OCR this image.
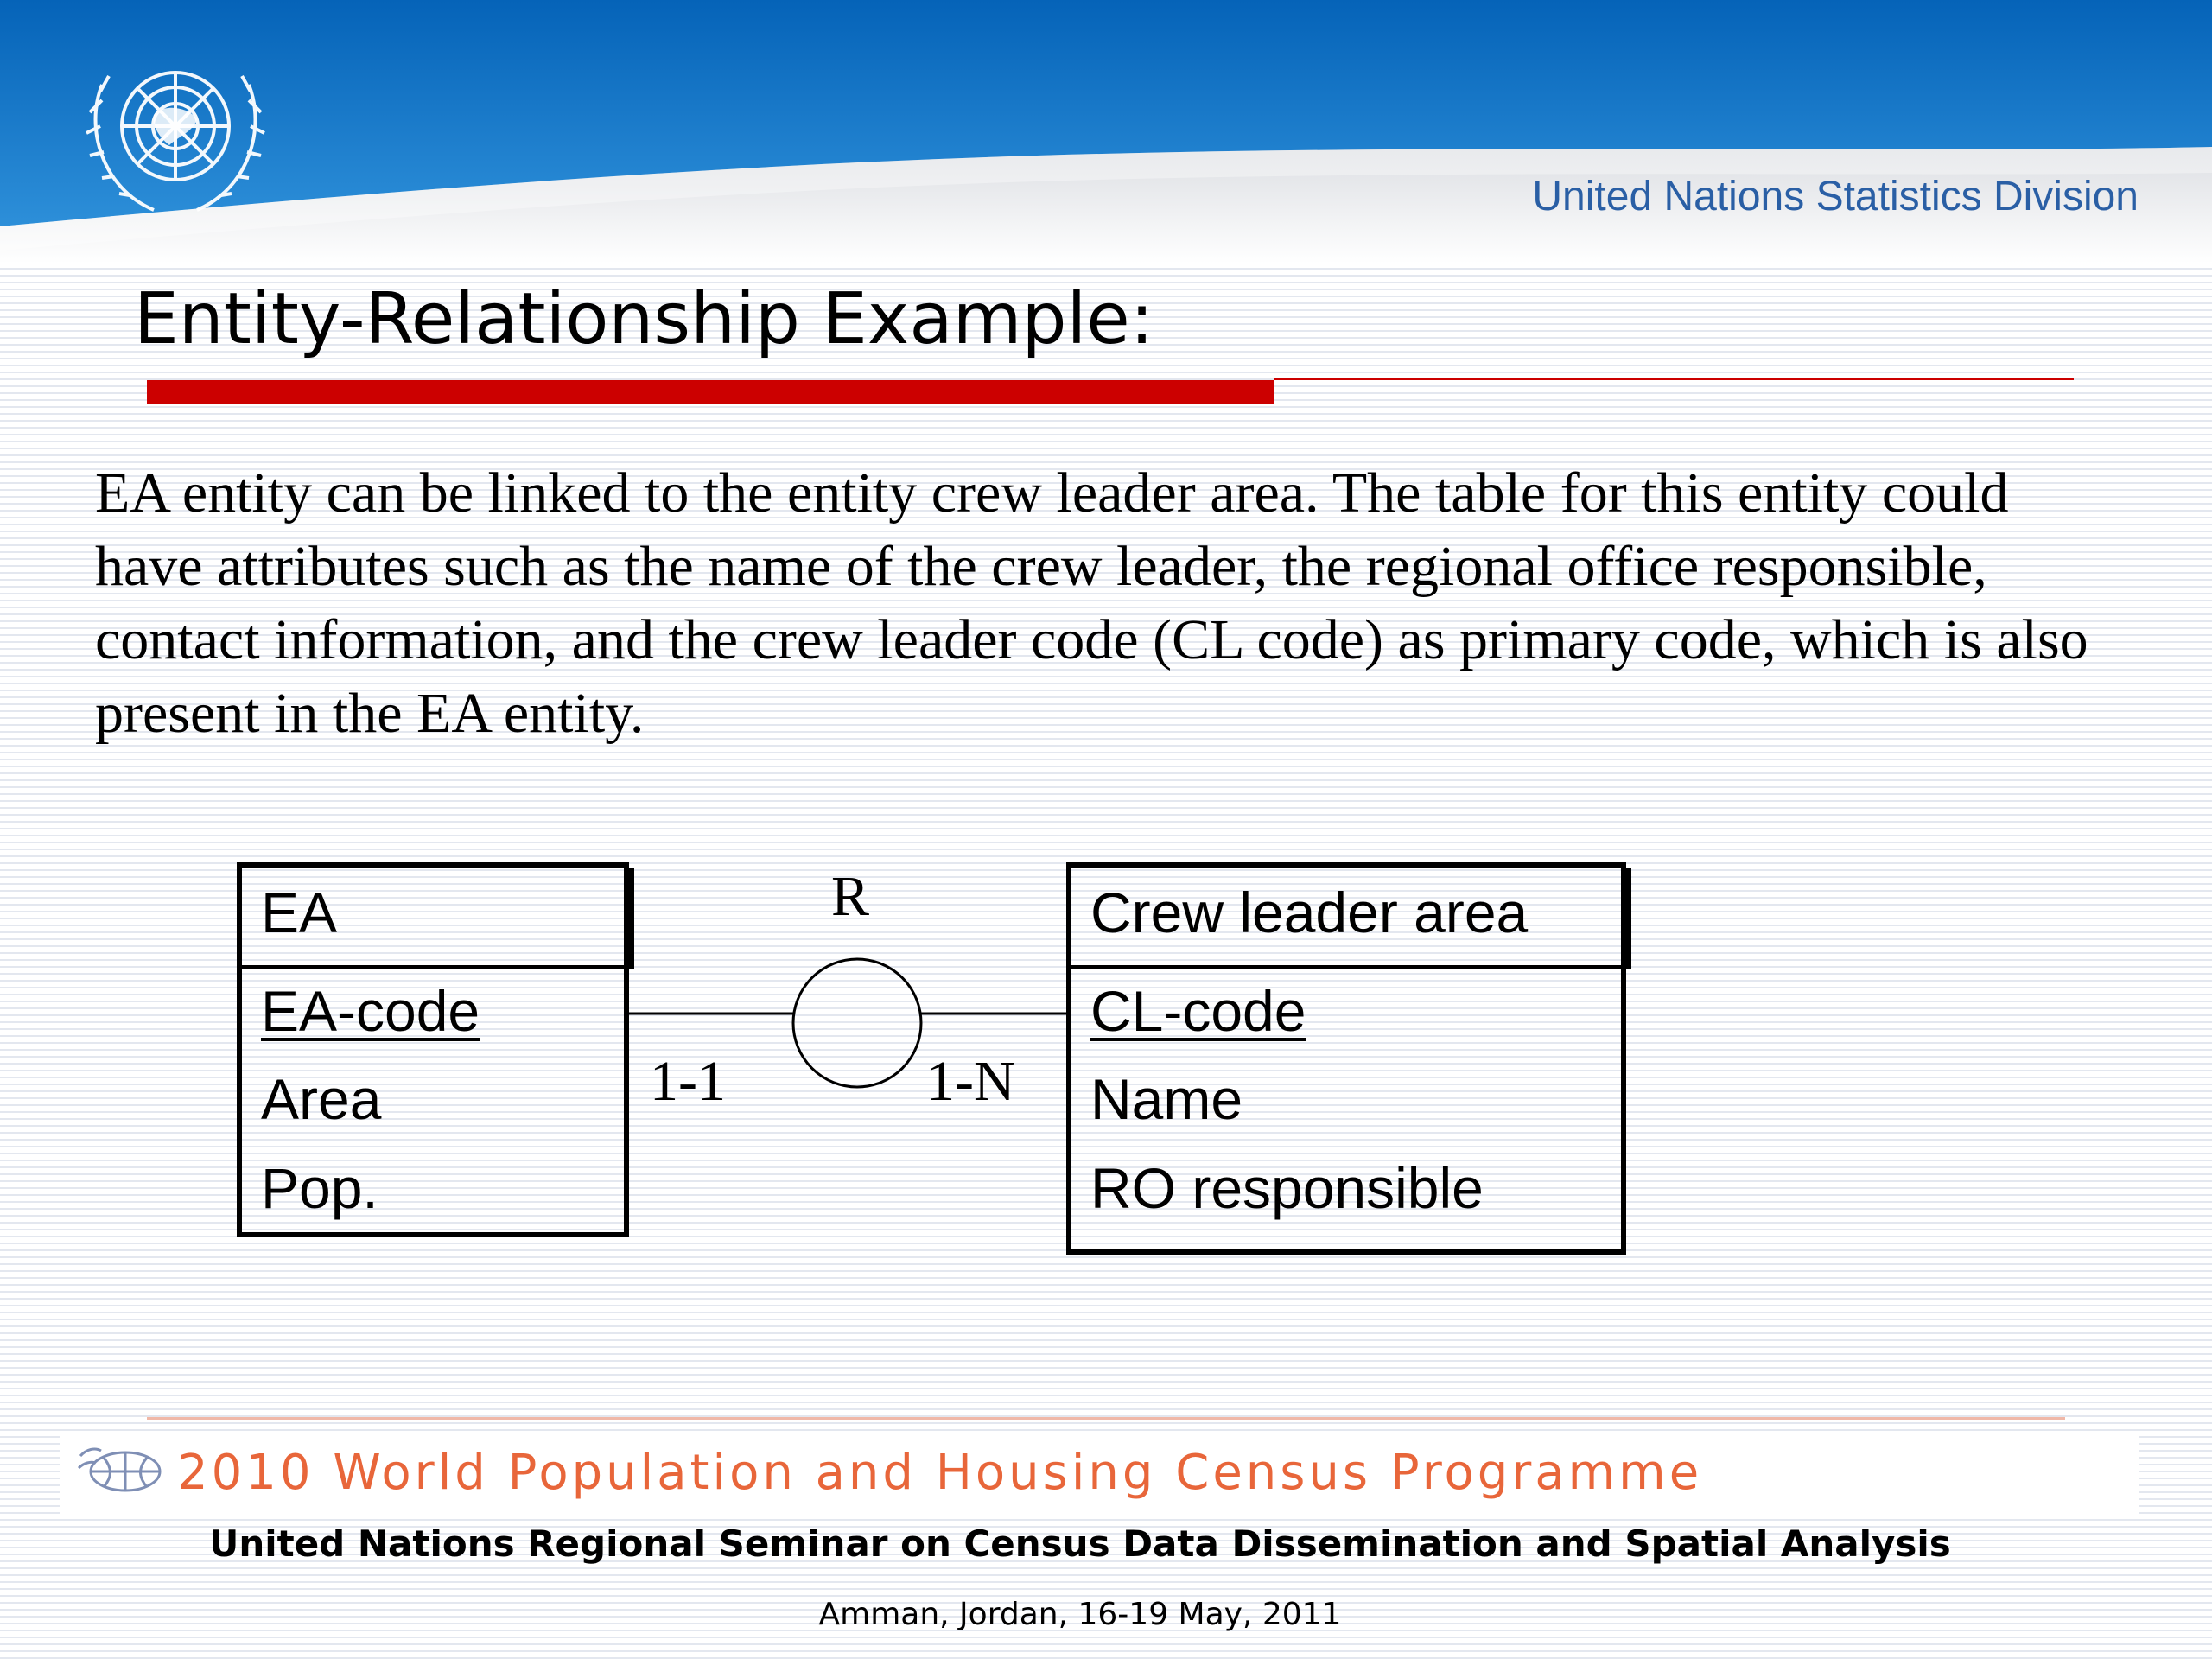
United Nations Statistics Division
Entity-Relationship Example:

EA entity can be linked to the entity crew leader area. The table for this entity could have attributes such as the name of the crew leader, the regional office responsible, contact information, and the crew leader code (CL code) as primary code, which is also present in the EA entity.

EA
EA-code
Area
Pop.
Crew leader area
CL-code
Name
RO responsible
R
1-1	1-N
2010 World Population and Housing Census Programme
United Nations Regional Seminar on Census Data Dissemination and Spatial Analysis
Amman, Jordan, 16-19 May, 2011
